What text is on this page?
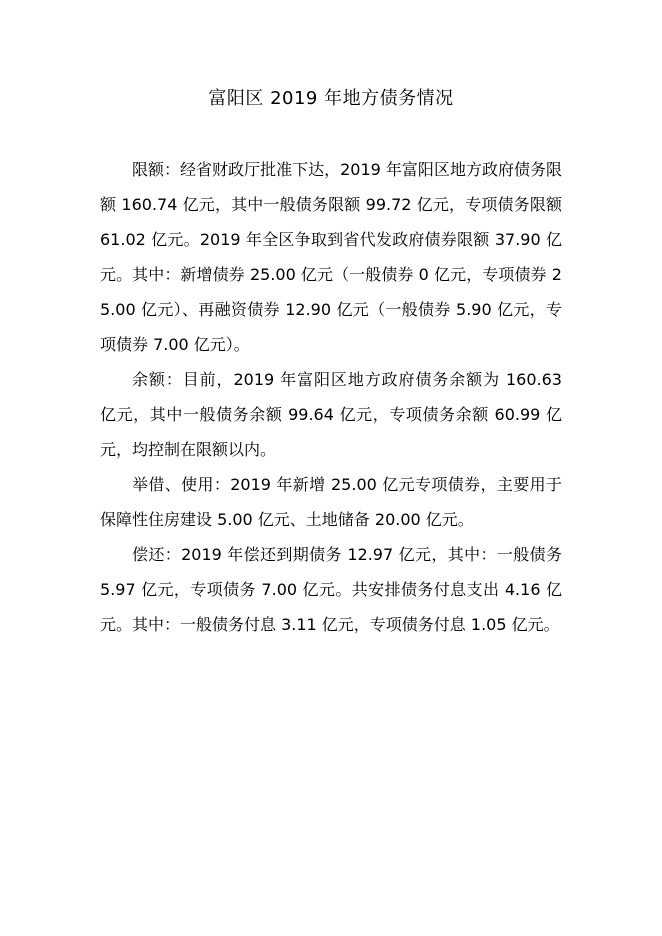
富阳区 2019 年地方债务情况

限额：经省财政厅批准下达，2019 年富阳区地方政府债务限额 160.74 亿元，其中一般债务限额 99.72 亿元，专项债务限额 61.02 亿元。2019 年全区争取到省代发政府债券限额 37.90 亿元。其中：新增债券 25.00 亿元（一般债券 0 亿元，专项债券 25.00 亿元）、再融资债券 12.90 亿元（一般债券 5.90 亿元，专项债券 7.00 亿元）。

余额：目前，2019 年富阳区地方政府债务余额为 160.63 亿元，其中一般债务余额 99.64 亿元，专项债务余额 60.99 亿元，均控制在限额以内。

举借、使用：2019 年新增 25.00 亿元专项债券，主要用于保障性住房建设 5.00 亿元、土地储备 20.00 亿元。

偿还：2019 年偿还到期债务 12.97 亿元，其中：一般债务 5.97 亿元，专项债务 7.00 亿元。共安排债务付息支出 4.16 亿元。其中：一般债务付息 3.11 亿元，专项债务付息 1.05 亿元。
